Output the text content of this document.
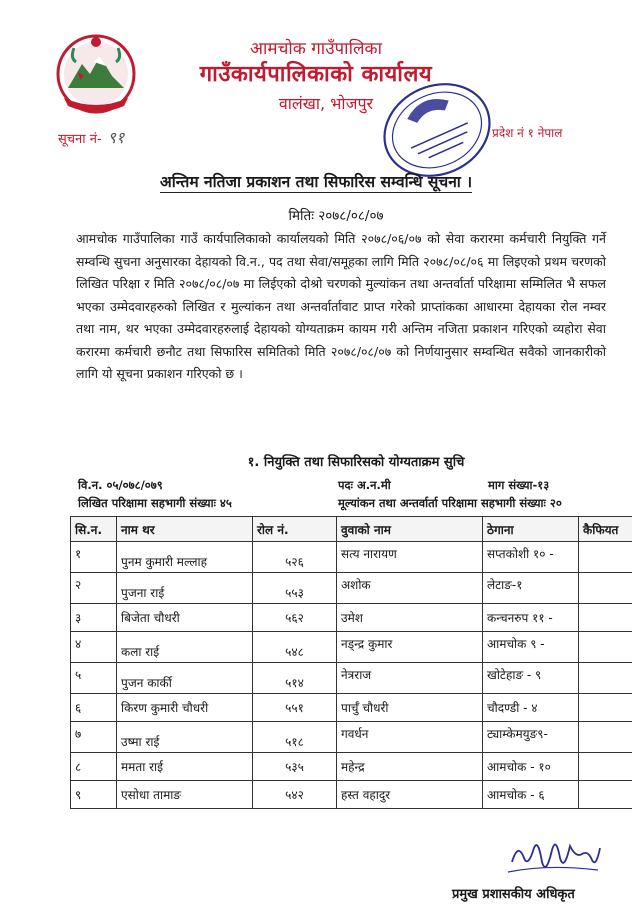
आमचोक गाउँपालिका
गाउँकार्यपालिकाको कार्यालय
वालंखा, भोजपुर
सूचना नं- ९१	प्रदेश नं १ नेपाल
अन्तिम नतिजा प्रकाशन तथा सिफारिस सम्वन्धि सूचना ।
मितिः २०७८/०८/०७
आमचोक गाउँपालिका गाउँ कार्यपालिकाको कार्यालयको मिति २०७८/०६/०७ को सेवा करारमा कर्मचारी नियुक्ति गर्ने सम्वन्धि सुचना अनुसारका देहायको वि.न., पद तथा सेवा/समूहका लागि मिति २०७८/०८/०६ मा लिइएको प्रथम चरणको लिखित परिक्षा र मिति २०७८/०८/०७ मा लिईएको दोश्रो चरणको मुल्यांकन तथा अन्तर्वार्ता परिक्षामा सम्मिलित भै सफल भएका उम्मेदवारहरुको लिखित र मुल्यांकन तथा अन्तर्वार्तावाट प्राप्त गरेको प्राप्तांकका आधारमा देहायका रोल नम्वर तथा नाम, थर भएका उम्मेदवारहरुलाई देहायको योग्यताक्रम कायम गरी अन्तिम नजिता प्रकाशन गरिएको व्यहोरा सेवा करारमा कर्मचारी छनौट तथा सिफारिस समितिको मिति २०७८/०८/०७ को निर्णयानुसार सम्वन्धित सवैको जानकारीको लागि यो सूचना प्रकाशन गरिएको छ ।
१. नियुक्ति तथा सिफारिसको योग्यताक्रम सुचि
वि.न. ०५/०७८/०७९	पदः अ.न.मी	माग संख्या-१३
लिखित परिक्षामा सहभागी संख्याः ४५	मूल्यांकन तथा अन्तर्वार्ता परिक्षामा सहभागी संख्याः २०
सि.न.	नाम थर	रोल नं.	वुवाको नाम	ठेगाना	कैफियत
१	पुनम कुमारी मल्लाह	५२६	सत्य नारायण	सप्तकोशी १० -	
२	पुजना राई	५५३	अशोक	लेटाङ-१	
३	बिजेता चौधरी	५६२	उमेश	कन्चनरुप ११ -	
४	कला राई	५४८	नड्न्द्र कुमार	आमचोक ९ -	
५	पुजन कार्की	५१४	नेत्रराज	खोटेहाङ - ९	
६	किरण कुमारी चौधरी	५५१	पार्चुँ चौधरी	चौदण्डी - ४	
७	उष्मा राई	५१८	गवर्धन	ट्याम्केमयुङ९-	
८	ममता राई	५३५	महेन्द्र	आमचोक - १०	
९	एसोधा तामाङ	५४२	हस्त वहादुर	आमचोक - ६	
प्रमुख प्रशासकीय अधिकृत
